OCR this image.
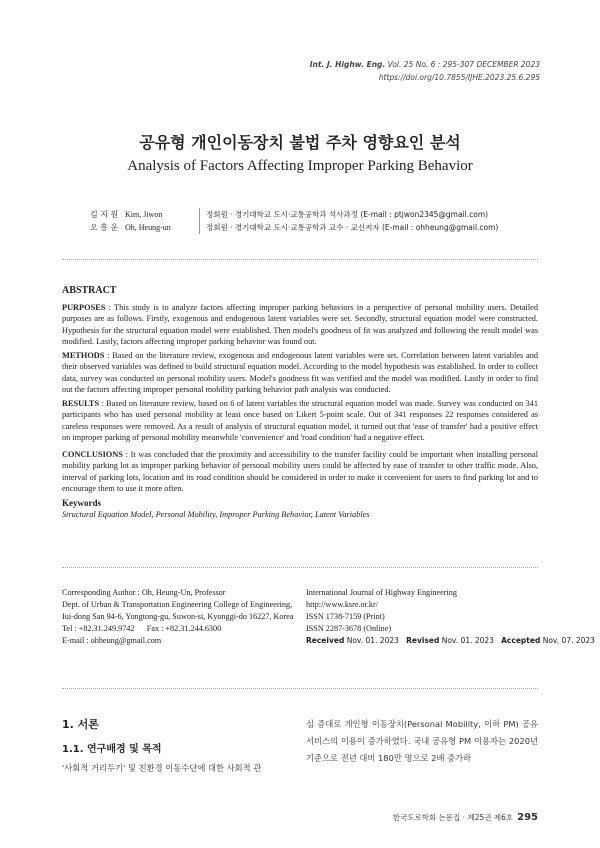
Int. J. Highw. Eng. Vol. 25 No. 6 : 295-307 DECEMBER 2023
https://doi.org/10.7855/IJHE.2023.25.6.295
공유형 개인이동장치 불법 주차 영향요인 분석
Analysis of Factors Affecting Improper Parking Behavior
김 지 원 Kim, Jiwon	정회원 · 경기대학교 도시·교통공학과 석사과정 (E-mail : ptjwon2345@gmail.com)
오 흥 운 Oh, Heung-un	정회원 · 경기대학교 도시·교통공학과 교수 · 교신저자 (E-mail : ohheung@gmail.com)
ABSTRACT

PURPOSES : This study is to analyze factors affecting improper parking behaviors in a perspective of personal mobility users. Detailed purposes are as follows. Firstly, exogenous and endogenous latent variables were set. Secondly, structural equation model were constructed. Hypothesis for the structural equation model were established. Then model's goodness of fit was analyzed and following the result model was modified. Lastly, factors affecting improper parking behavior was found out.

METHODS : Based on the literature review, exogenous and endogenous latent variables were set. Correlation between latent variables and their observed variables was defined to build structural equation model. According to the model hypothesis was established. In order to collect data, survey was conducted on personal mobility users. Model's goodness fit was verified and the model was modified. Lastly in order to find out the factors affecting improper personal mobility parking behavior path analysis was conducted.

RESULTS : Based on literature review, based on 6 of latent variables the structural equation model was made. Survey was conducted on 341 participants who has used personal mobility at least once based on Likert 5-point scale. Out of 341 responses 22 responses considered as careless responses were removed. As a result of analysis of structural equation model, it turned out that 'ease of transfer' had a positive effect on improper parking of personal mobility meanwhile 'convenience' and 'road condition' had a negative effect.

CONCLUSIONS : It was concluded that the proximity and accessibility to the transfer facility could be important when installing personal mobility parking lot as improper parking behavior of personal mobility users could be affected by ease of transfer to other traffic mode. Also, interval of parking lots, location and its road condition should be considered in order to make it convenient for users to find parking lot and to encourage them to use it more often.

Keywords
Structural Equation Model, Personal Mobility, Improper Parking Behavior, Latent Variables
Corresponding Author : Oh, Heung-Un, Professor
Dept. of Urban & Transportation Engineering College of Engineering,
Iui-dong San 94-6, Yongtong-gu, Suwon-si, Kyonggi-do 16227, Korea
Tel : +82.31.249.9742      Fax : +82.31.244.6300
E-mail : ohheung@gmail.com
International Journal of Highway Engineering
http://www.ksre.or.kr/
ISSN 1738-7159 (Print)
ISSN 2287-3678 (Online)
Received Nov. 01. 2023 Revised Nov. 01. 2023 Accepted Nov. 07. 2023
1. 서론
1.1. 연구배경 및 목적
'사회적 거리두기' 및 친환경 이동수단에 대한 사회적 관
심 증대로 개인형 이동장치(Personal Mobility, 이하 PM) 공유서비스의 이용이 증가하였다. 국내 공유형 PM 이용자는 2020년 기준으로 전년 대비 180만 명으로 2배 증가하
한국도로학회 논문집 · 제25권 제6호 295
